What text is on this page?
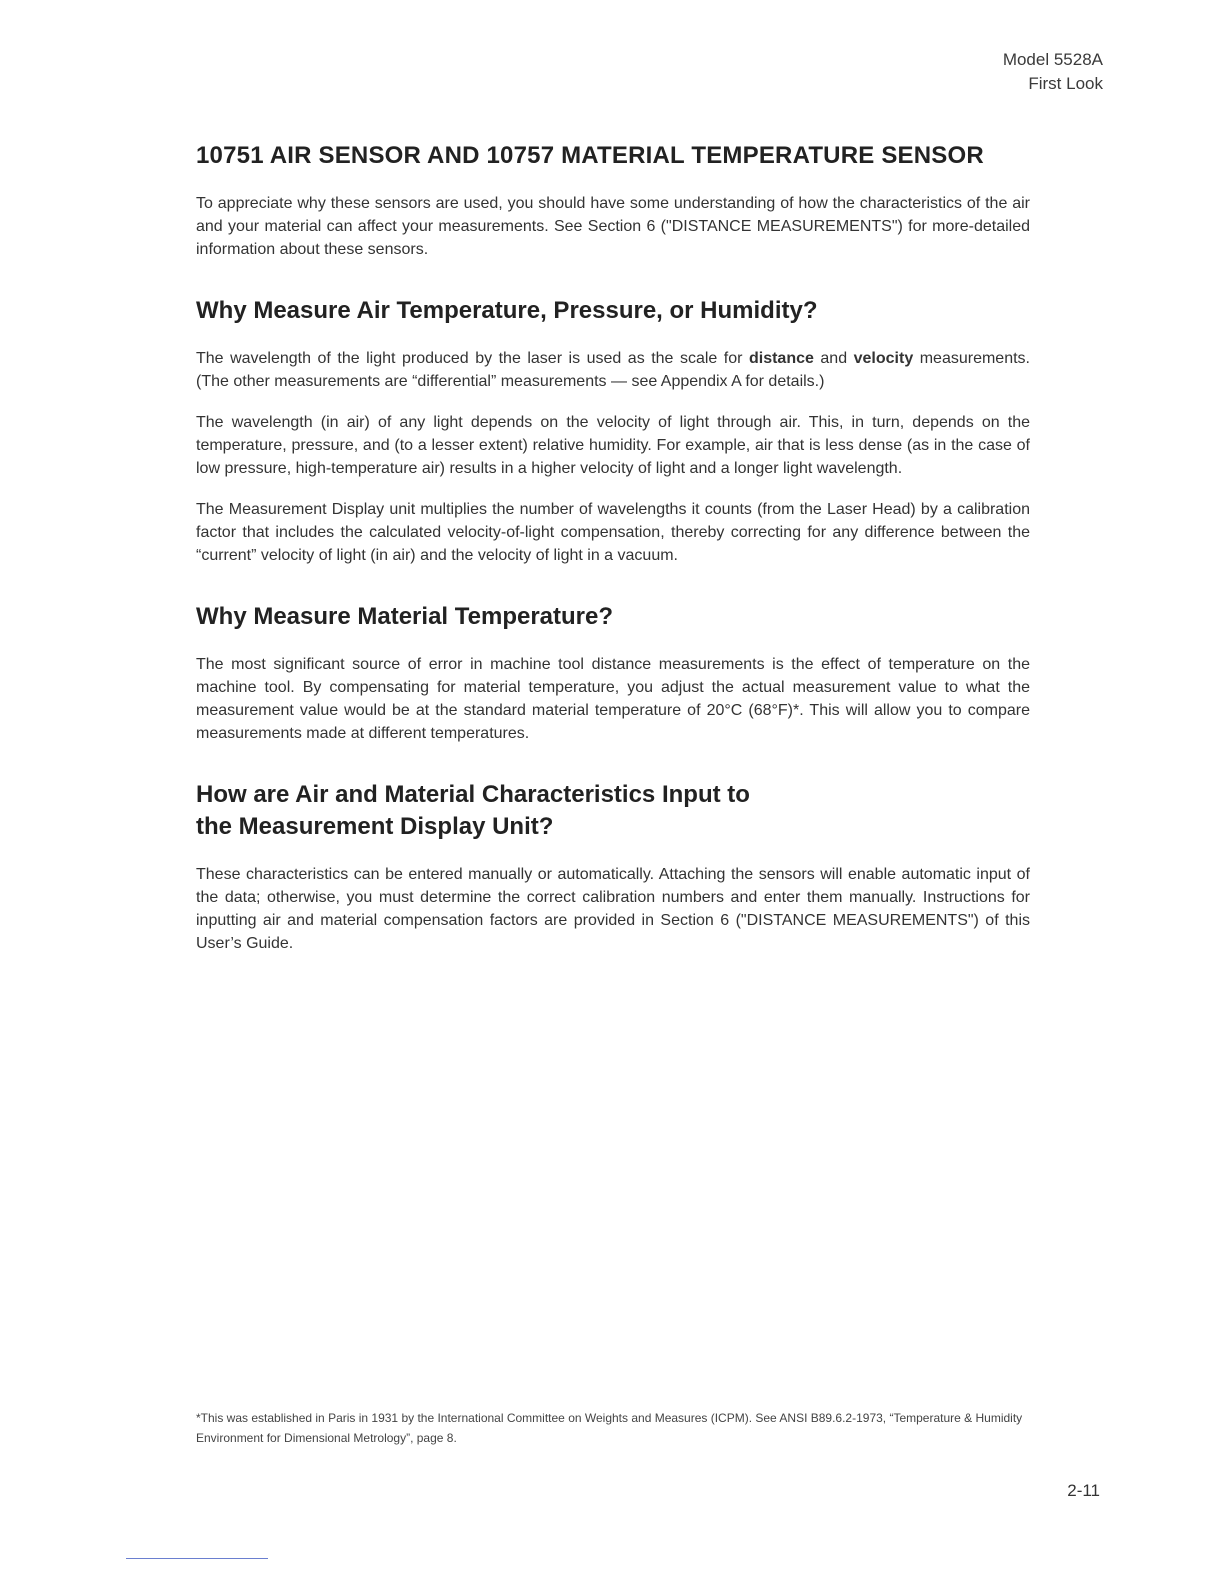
Model 5528A
First Look
10751 AIR SENSOR AND 10757 MATERIAL TEMPERATURE SENSOR

To appreciate why these sensors are used, you should have some understanding of how the characteristics of the air and your material can affect your measurements. See Section 6 ("DISTANCE MEASUREMENTS") for more-detailed information about these sensors.

Why Measure Air Temperature, Pressure, or Humidity?

The wavelength of the light produced by the laser is used as the scale for distance and velocity measurements. (The other measurements are “differential” measurements — see Appendix A for details.)

The wavelength (in air) of any light depends on the velocity of light through air. This, in turn, depends on the temperature, pressure, and (to a lesser extent) relative humidity. For example, air that is less dense (as in the case of low pressure, high-temperature air) results in a higher velocity of light and a longer light wavelength.

The Measurement Display unit multiplies the number of wavelengths it counts (from the Laser Head) by a calibration factor that includes the calculated velocity-of-light compensation, thereby correcting for any difference between the “current” velocity of light (in air) and the velocity of light in a vacuum.

Why Measure Material Temperature?

The most significant source of error in machine tool distance measurements is the effect of temperature on the machine tool. By compensating for material temperature, you adjust the actual measurement value to what the measurement value would be at the standard material temperature of 20°C (68°F)*. This will allow you to compare measurements made at different temperatures.

How are Air and Material Characteristics Input to
the Measurement Display Unit?

These characteristics can be entered manually or automatically. Attaching the sensors will enable automatic input of the data; otherwise, you must determine the correct calibration numbers and enter them manually. Instructions for inputting air and material compensation factors are provided in Section 6 ("DISTANCE MEASUREMENTS") of this User’s Guide.

*This was established in Paris in 1931 by the International Committee on Weights and Measures (ICPM). See ANSI B89.6.2-1973, “Temperature & Humidity Environment for Dimensional Metrology”, page 8.
2-11
